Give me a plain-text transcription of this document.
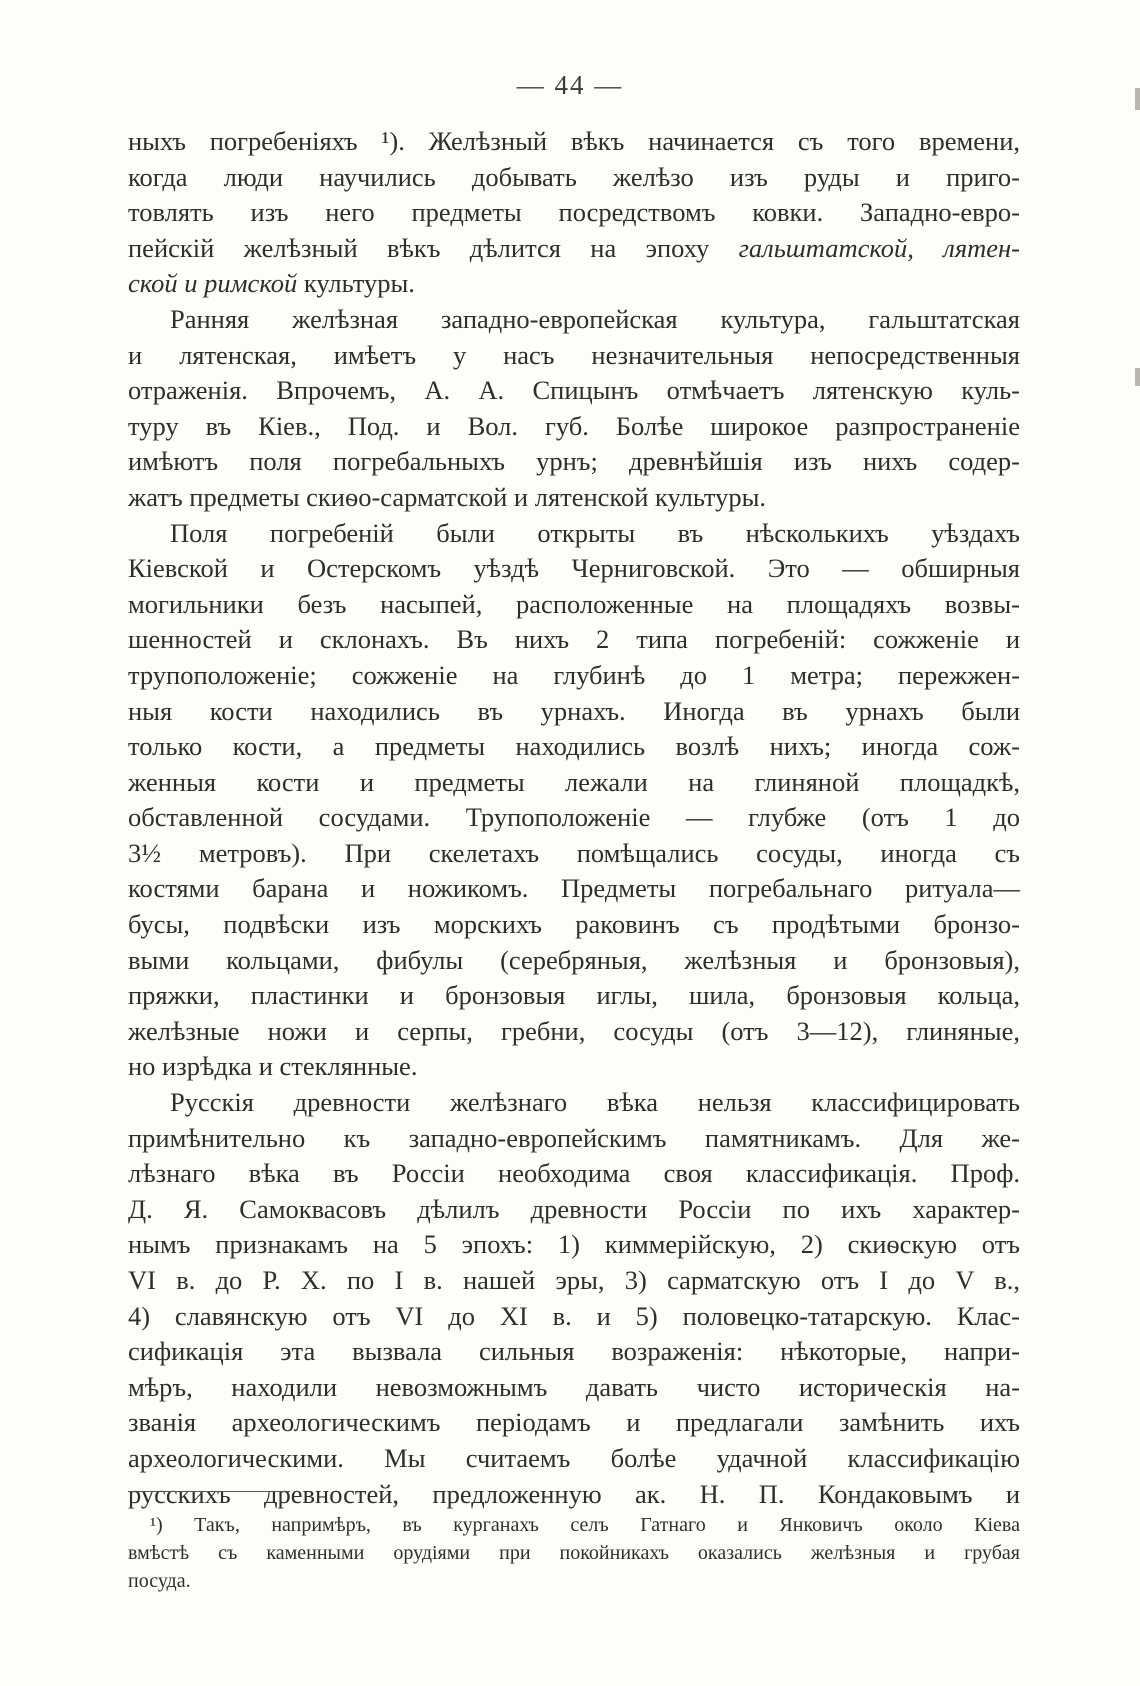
— 44 —
ныхъ погребеніяхъ ¹). Желѣзный вѣкъ начинается съ того времени,
когда люди научились добывать желѣзо изъ руды и приго-
товлять изъ него предметы посредствомъ ковки. Западно-евро-
пейскій желѣзный вѣкъ дѣлится на эпоху гальштатской, лятен-
ской и римской культуры.
Ранняя желѣзная западно-европейская культура, гальштатская
и лятенская, имѣетъ у насъ незначительныя непосредственныя
отраженія. Впрочемъ, А. А. Спицынъ отмѣчаетъ лятенскую куль-
туру въ Кiев., Под. и Вол. губ. Болѣе широкое разпространеніе
имѣютъ поля погребальныхъ урнъ; древнѣйшія изъ нихъ содер-
жатъ предметы скиѳо-сарматской и лятенской культуры.
Поля погребеній были открыты въ нѣсколькихъ уѣздахъ
Кіевской и Остерскомъ уѣздѣ Черниговской. Это — обширныя
могильники безъ насыпей, расположенные на площадяхъ возвы-
шенностей и склонахъ. Въ нихъ 2 типа погребеній: сожженіе и
трупоположеніе; сожженіе на глубинѣ до 1 метра; пережжен-
ныя кости находились въ урнахъ. Иногда въ урнахъ были
только кости, а предметы находились возлѣ нихъ; иногда сож-
женныя кости и предметы лежали на глиняной площадкѣ,
обставленной сосудами. Трупоположеніе — глубже (отъ 1 до
3½ метровъ). При скелетахъ помѣщались сосуды, иногда съ
костями барана и ножикомъ. Предметы погребальнаго ритуала—
бусы, подвѣски изъ морскихъ раковинъ съ продѣтыми бронзо-
выми кольцами, фибулы (серебряныя, желѣзныя и бронзовыя),
пряжки, пластинки и бронзовыя иглы, шила, бронзовыя кольца,
желѣзные ножи и серпы, гребни, сосуды (отъ 3—12), глиняные,
но изрѣдка и стеклянные.
Русскія древности желѣзнаго вѣка нельзя классифицировать
примѣнительно къ западно-европейскимъ памятникамъ. Для же-
лѣзнаго вѣка въ Россіи необходима своя классификація. Проф.
Д. Я. Самоквасовъ дѣлилъ древности Россіи по ихъ характер-
нымъ признакамъ на 5 эпохъ: 1) киммерійскую, 2) скиѳскую отъ
VI в. до Р. Х. по I в. нашей эры, 3) сарматскую отъ I до V в.,
4) славянскую отъ VI до XI в. и 5) половецко-татарскую. Клас-
сификація эта вызвала сильныя возраженія: нѣкоторые, напри-
мѣръ, находили невозможнымъ давать чисто историческія на-
званія археологическимъ періодамъ и предлагали замѣнить ихъ
археологическими. Мы считаемъ болѣе удачной классификацію
русскихъ древностей, предложенную ак. Н. П. Кондаковымъ и
¹) Такъ, напримѣръ, въ курганахъ селъ Гатнаго и Янковичъ около Кіева
вмѣстѣ съ каменными орудіями при покойникахъ оказались желѣзныя и грубая
посуда.
